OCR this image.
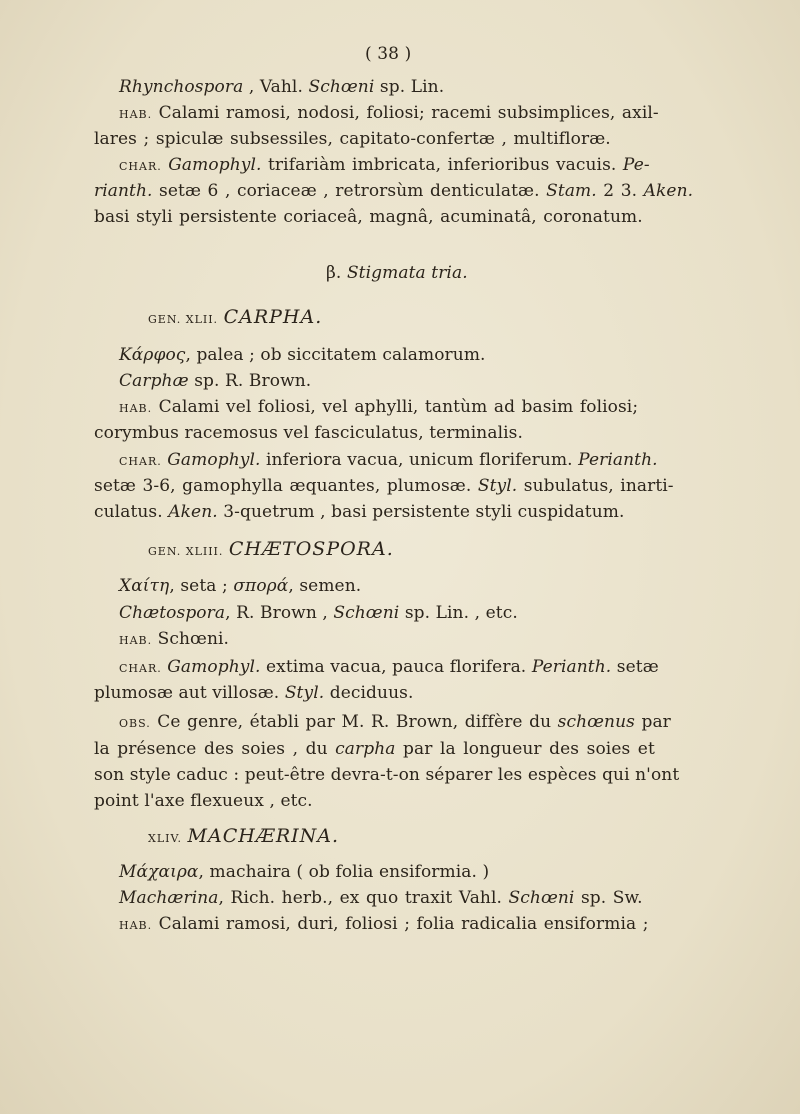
( 38 )
Rhynchospora , Vahl. Schœni sp. Lin.
HAB. Calami ramosi, nodosi, foliosi; racemi subsimplices, axil-
lares ; spiculæ subsessiles, capitato-confertæ , multifloræ.
CHAR. Gamophyl. trifariàm imbricata, inferioribus vacuis. Pe-
rianth. setæ 6 , coriaceæ , retrorsùm denticulatæ. Stam. 2 3. Aken.
basi styli persistente coriaceâ, magnâ, acuminatâ, coronatum.
β. Stigmata tria.
GEN. XLII. CARPHA.
Κάρφος, palea ; ob siccitatem calamorum.
Carphæ sp. R. Brown.
HAB. Calami vel foliosi, vel aphylli, tantùm ad basim foliosi;
corymbus racemosus vel fasciculatus, terminalis.
CHAR. Gamophyl. inferiora vacua, unicum floriferum. Perianth.
setæ 3-6, gamophylla æquantes, plumosæ. Styl. subulatus, inarti-
culatus. Aken. 3-quetrum , basi persistente styli cuspidatum.
GEN. XLIII. CHÆTOSPORA.
Χαίτη, seta ; σπορά, semen.
Chætospora, R. Brown , Schœni sp. Lin. , etc.
HAB. Schœni.
CHAR. Gamophyl. extima vacua, pauca florifera. Perianth. setæ
plumosæ aut villosæ. Styl. deciduus.
OBS. Ce genre, établi par M. R. Brown, diffère du schœnus par
la présence des soies , du carpha par la longueur des soies et
son style caduc : peut-être devra-t-on séparer les espèces qui n'ont
point l'axe flexueux , etc.
XLIV. MACHÆRINA.
Μάχαιρα, machaira ( ob folia ensiformia. )
Machærina, Rich. herb., ex quo traxit Vahl. Schœni sp. Sw.
HAB. Calami ramosi, duri, foliosi ; folia radicalia ensiformia ;
